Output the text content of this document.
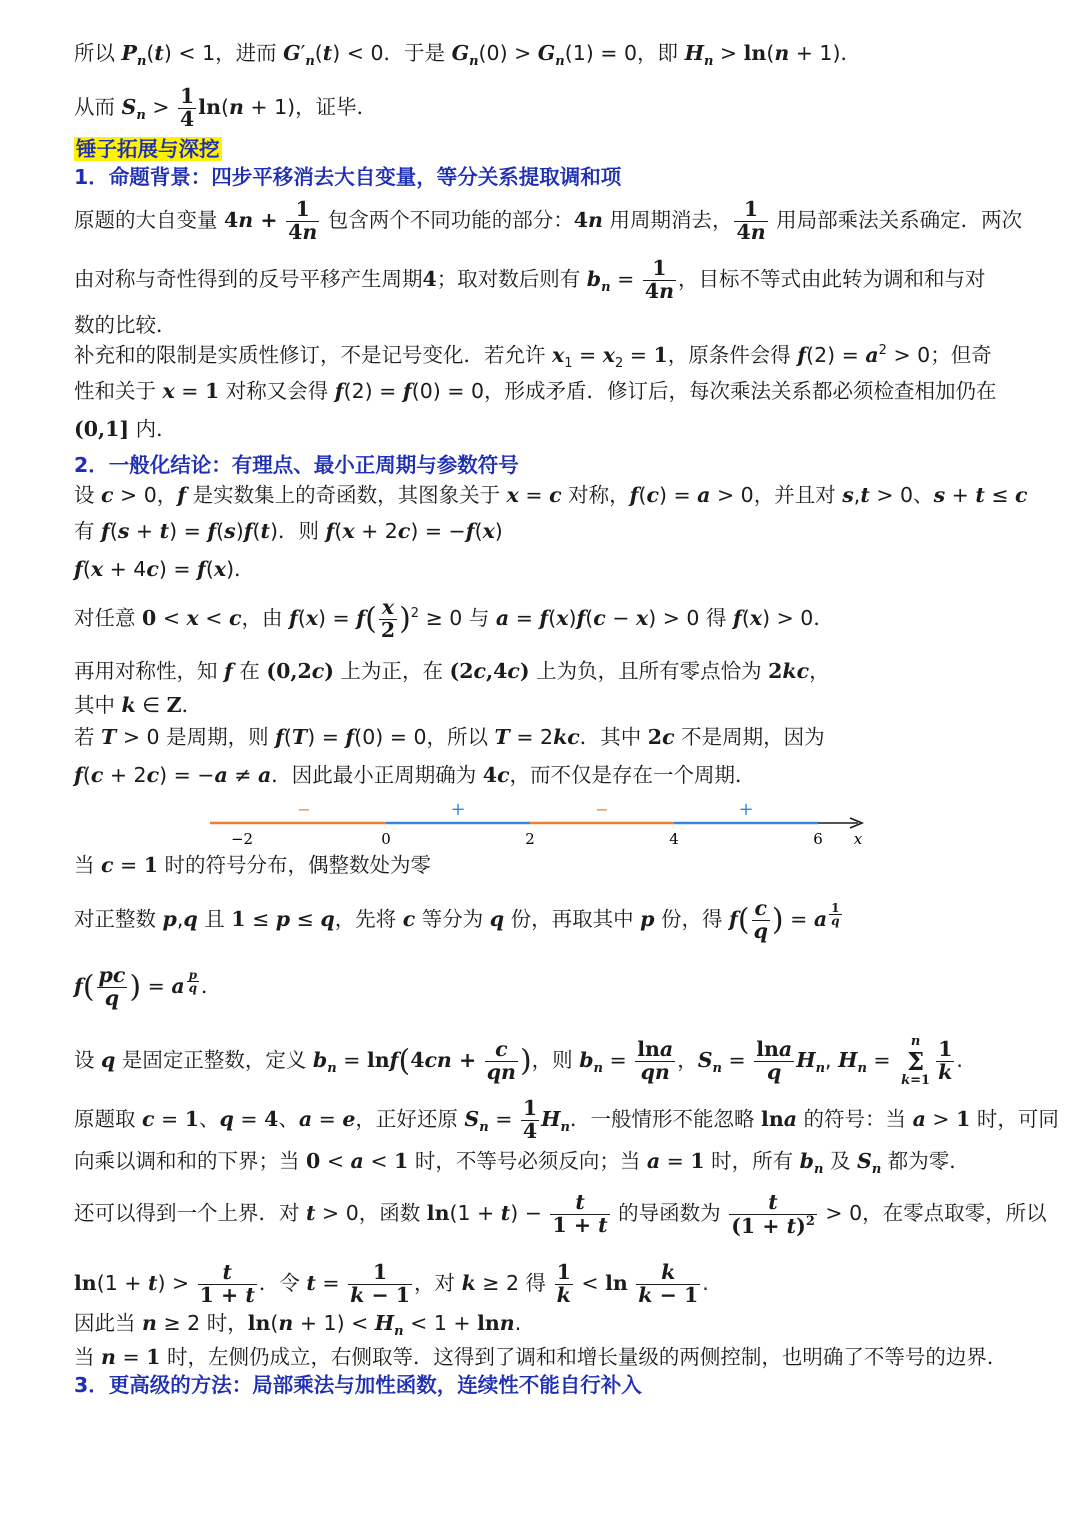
所以 $P_n(t) < 1$，进而 $G'_n(t) < 0$．于是 $G_n(0) > G_n(1) = 0$，即 $H_n > \ln(n + 1)$．
从而 $S_n > \frac{1}{4} \ln(n + 1)$，证毕．
锤子拓展与深挖
1．命题背景：四步平移消去大自变量，等分关系提取调和项
原题的大自变量 $4n + \frac{1}{4n}$ 包含两个不同功能的部分：4n 用周期消去， $\frac{1}{4n}$ 用局部乘法关系确定．两次
由对称与奇性得到的反号平移产生周期4；取对数后则有 $b_n = \frac{1}{4n}$ ，目标不等式由此转为调和和与对
数的比较．
补充和的限制是实质性修订，不是记号变化．若允许 $x_1 = x_2 = 1$，原条件会得 $f(2) = a^2 > 0$；但奇
性和关于 x = 1 对称又会得 f(2) = f(0) = 0，形成矛盾．修订后，每次乘法关系都必须检查相加仍在
(0,1] 内．
2．一般化结论：有理点、最小正周期与参数符号
设 c > 0，f 是实数集上的奇函数，其图象关于 x = c 对称，f(c) = a > 0，并且对 s,t > 0、s + t ≤ c
有 f(s + t) = f(s)f(t)．则 f(x + 2c) = −f(x)
f(x + 4c) = f(x)．
对任意 0 < x < c，由 $f(x) = f( \frac{x}{2} )^2 \ge 0$ 与 a = f(x)f(c − x) > 0 得 f(x) > 0．
再用对称性，知 f 在 (0,2c) 上为正，在 (2c,4c) 上为负，且所有零点恰为 2kc，
其中 k ∈ Z．
若 T > 0 是周期，则 f(T) = f(0) = 0，所以 T = 2kc．其中 2c 不是周期，因为
f(c + 2c) = −a ≠ a．因此最小正周期确为 4c，而不仅是存在一个周期．
−	+	−	+
−2	0	2	4	6 x
当 c = 1 时的符号分布，偶整数处为零
对正整数 p,q 且 1 ≤ p ≤ q，先将 c 等分为 q 份，再取其中 p 份，得 $f( \frac{c}{q}$ ) = a $^{\frac{1}{q}}$
$f( \frac{pc}{q}$ ) = a $^{\frac{p}{q}}$ ．
设 q 是固定正整数，定义 $b_n = \ln f(4cn + \frac{c}{qn}$ )，则 $b_n = \frac{\ln a}{qn}$ ，$S_n = \frac{\ln a}{q} H_n$, $H_n$ =
n
Σ
$k=1 \frac{1}{k}$ .
原题取 c = 1、q = 4、a = e，正好还原 $S_n = \frac{1}{4} H_n$．一般情形不能忽略 lna 的符号：当 a > 1 时，可同
向乘以调和和的下界；当 0 < a < 1 时，不等号必须反向；当 a = 1 时，所有 $b_n$ 及 $S_n$ 都为零．
还可以得到一个上界．对 t > 0，函数 $\ln(1 + t) - \frac{t}{1 + t}$ 的导函数为 $\frac{t}{(1 + t)^2} > 0$，在零点取零，所以
$\ln(1 + t) > \frac{t}{1 + t}$ ．令 $t = \frac{1}{k - 1}$ ，对 k ≥ 2 得 $\frac{1}{k} < \ln \frac{k}{k - 1}$ .
因此当 n ≥ 2 时，$\ln(n + 1) < H_n < 1 + \ln n$.
当 n = 1 时，左侧仍成立，右侧取等．这得到了调和和增长量级的两侧控制，也明确了不等号的边界．
3．更高级的方法：局部乘法与加性函数，连续性不能自行补入
